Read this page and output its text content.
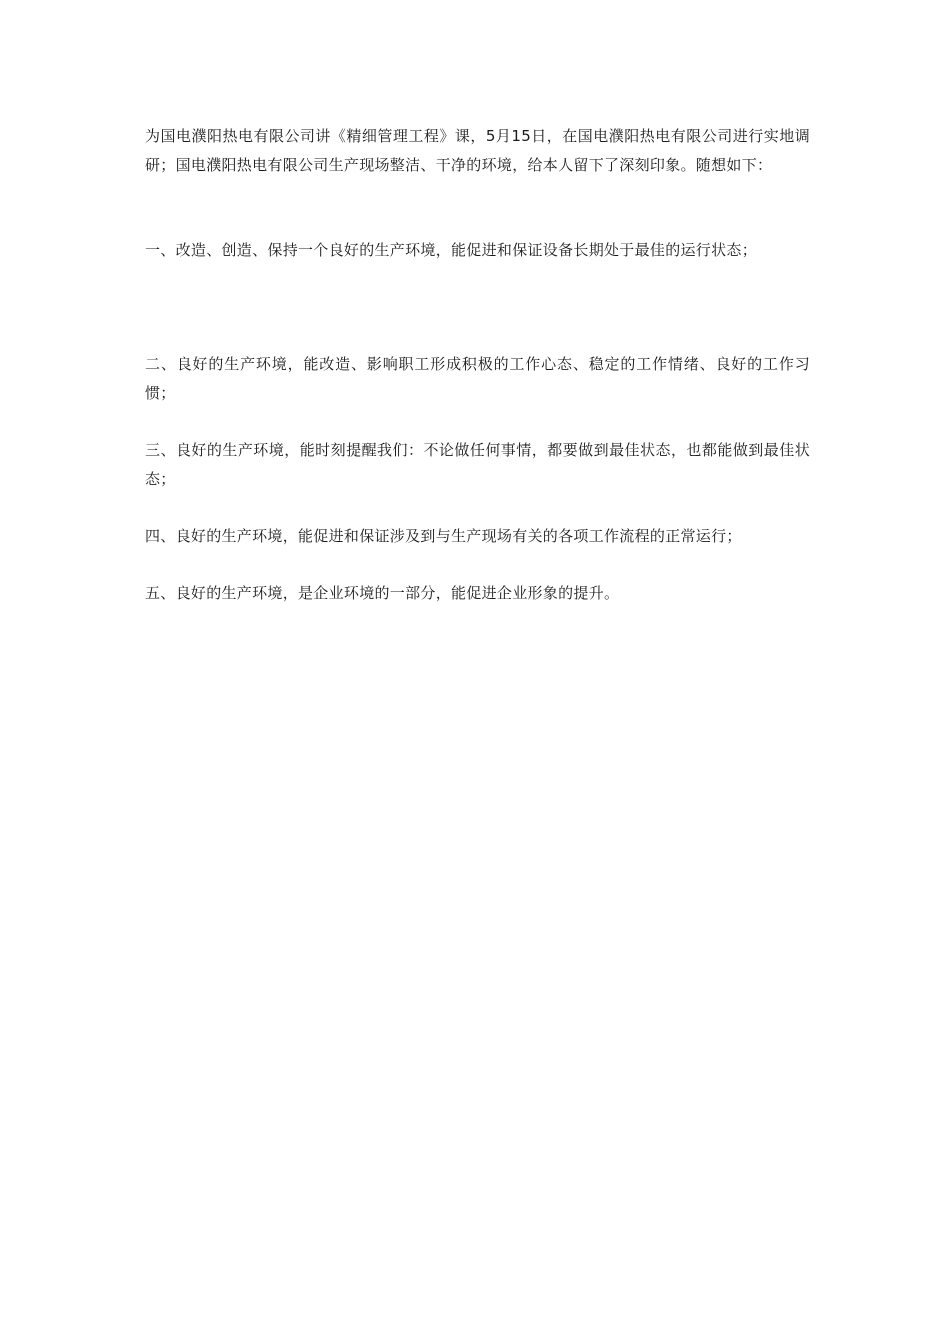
为国电濮阳热电有限公司讲《精细管理工程》课，5月15日，在国电濮阳热电有限公司进行实地调研；国电濮阳热电有限公司生产现场整洁、干净的环境，给本人留下了深刻印象。随想如下：

一、改造、创造、保持一个良好的生产环境，能促进和保证设备长期处于最佳的运行状态；

二、良好的生产环境，能改造、影响职工形成积极的工作心态、稳定的工作情绪、良好的工作习惯；

三、良好的生产环境，能时刻提醒我们：不论做任何事情，都要做到最佳状态，也都能做到最佳状态；

四、良好的生产环境，能促进和保证涉及到与生产现场有关的各项工作流程的正常运行；

五、良好的生产环境，是企业环境的一部分，能促进企业形象的提升。
